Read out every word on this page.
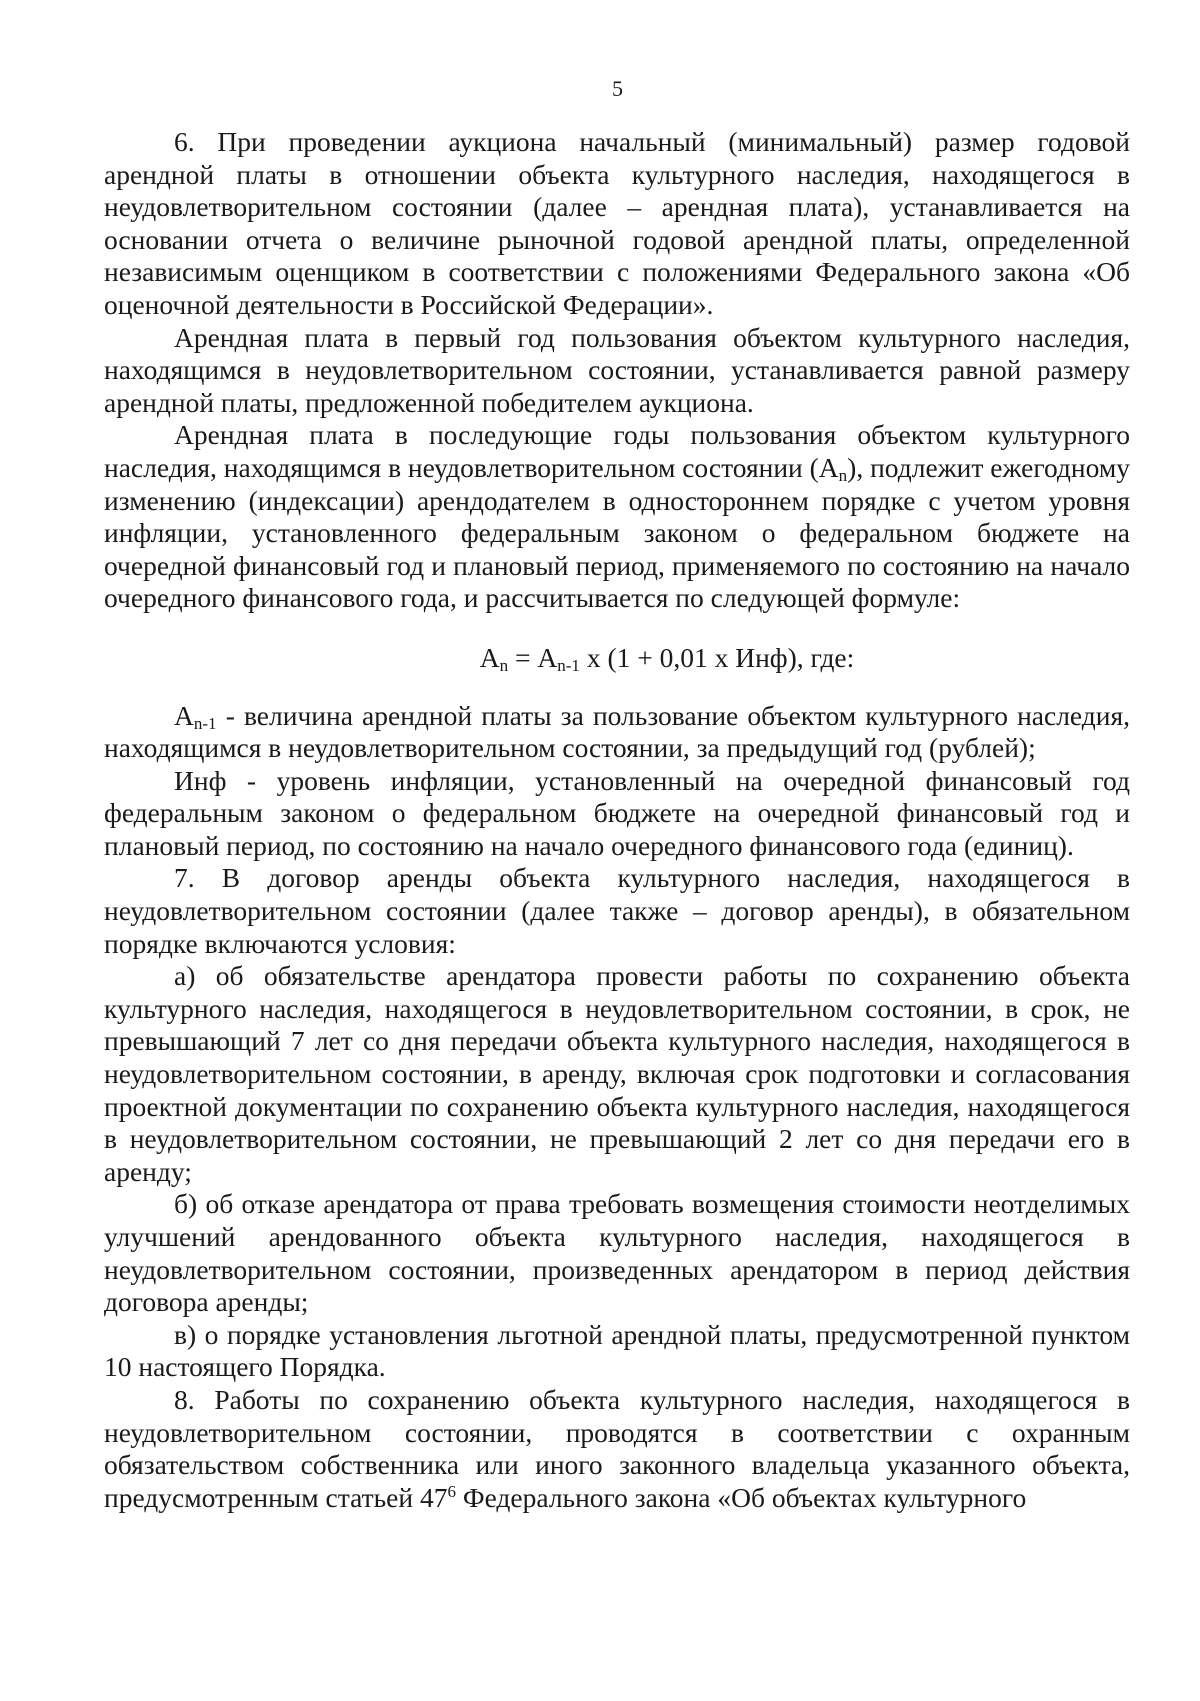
5

6. При проведении аукциона начальный (минимальный) размер годовой арендной платы в отношении объекта культурного наследия, находящегося в неудовлетворительном состоянии (далее – арендная плата), устанавливается на основании отчета о величине рыночной годовой арендной платы, определенной независимым оценщиком в соответствии с положениями Федерального закона «Об оценочной деятельности в Российской Федерации».

Арендная плата в первый год пользования объектом культурного наследия, находящимся в неудовлетворительном состоянии, устанавливается равной размеру арендной платы, предложенной победителем аукциона.

Арендная плата в последующие годы пользования объектом культурного наследия, находящимся в неудовлетворительном состоянии $(А_n)$, подлежит ежегодному изменению (индексации) арендодателем в одностороннем порядке с учетом уровня инфляции, установленного федеральным законом о федеральном бюджете на очередной финансовый год и плановый период, применяемого по состоянию на начало очередного финансового года, и рассчитывается по следующей формуле:

$А_n = А_{n-1}$ x (1 + 0,01 x Инф), где:

$А_{n-1}$ - величина арендной платы за пользование объектом культурного наследия, находящимся в неудовлетворительном состоянии, за предыдущий год (рублей);

Инф - уровень инфляции, установленный на очередной финансовый год федеральным законом о федеральном бюджете на очередной финансовый год и плановый период, по состоянию на начало очередного финансового года (единиц).

7. В договор аренды объекта культурного наследия, находящегося в неудовлетворительном состоянии (далее также – договор аренды), в обязательном порядке включаются условия:

а) об обязательстве арендатора провести работы по сохранению объекта культурного наследия, находящегося в неудовлетворительном состоянии, в срок, не превышающий 7 лет со дня передачи объекта культурного наследия, находящегося в неудовлетворительном состоянии, в аренду, включая срок подготовки и согласования проектной документации по сохранению объекта культурного наследия, находящегося в неудовлетворительном состоянии, не превышающий 2 лет со дня передачи его в аренду;

б) об отказе арендатора от права требовать возмещения стоимости неотделимых улучшений арендованного объекта культурного наследия, находящегося в неудовлетворительном состоянии, произведенных арендатором в период действия договора аренды;

в) о порядке установления льготной арендной платы, предусмотренной пунктом 10 настоящего Порядка.

8. Работы по сохранению объекта культурного наследия, находящегося в неудовлетворительном состоянии, проводятся в соответствии с охранным обязательством собственника или иного законного владельца указанного объекта, предусмотренным статьей $47^6$ Федерального закона «Об объектах культурного
